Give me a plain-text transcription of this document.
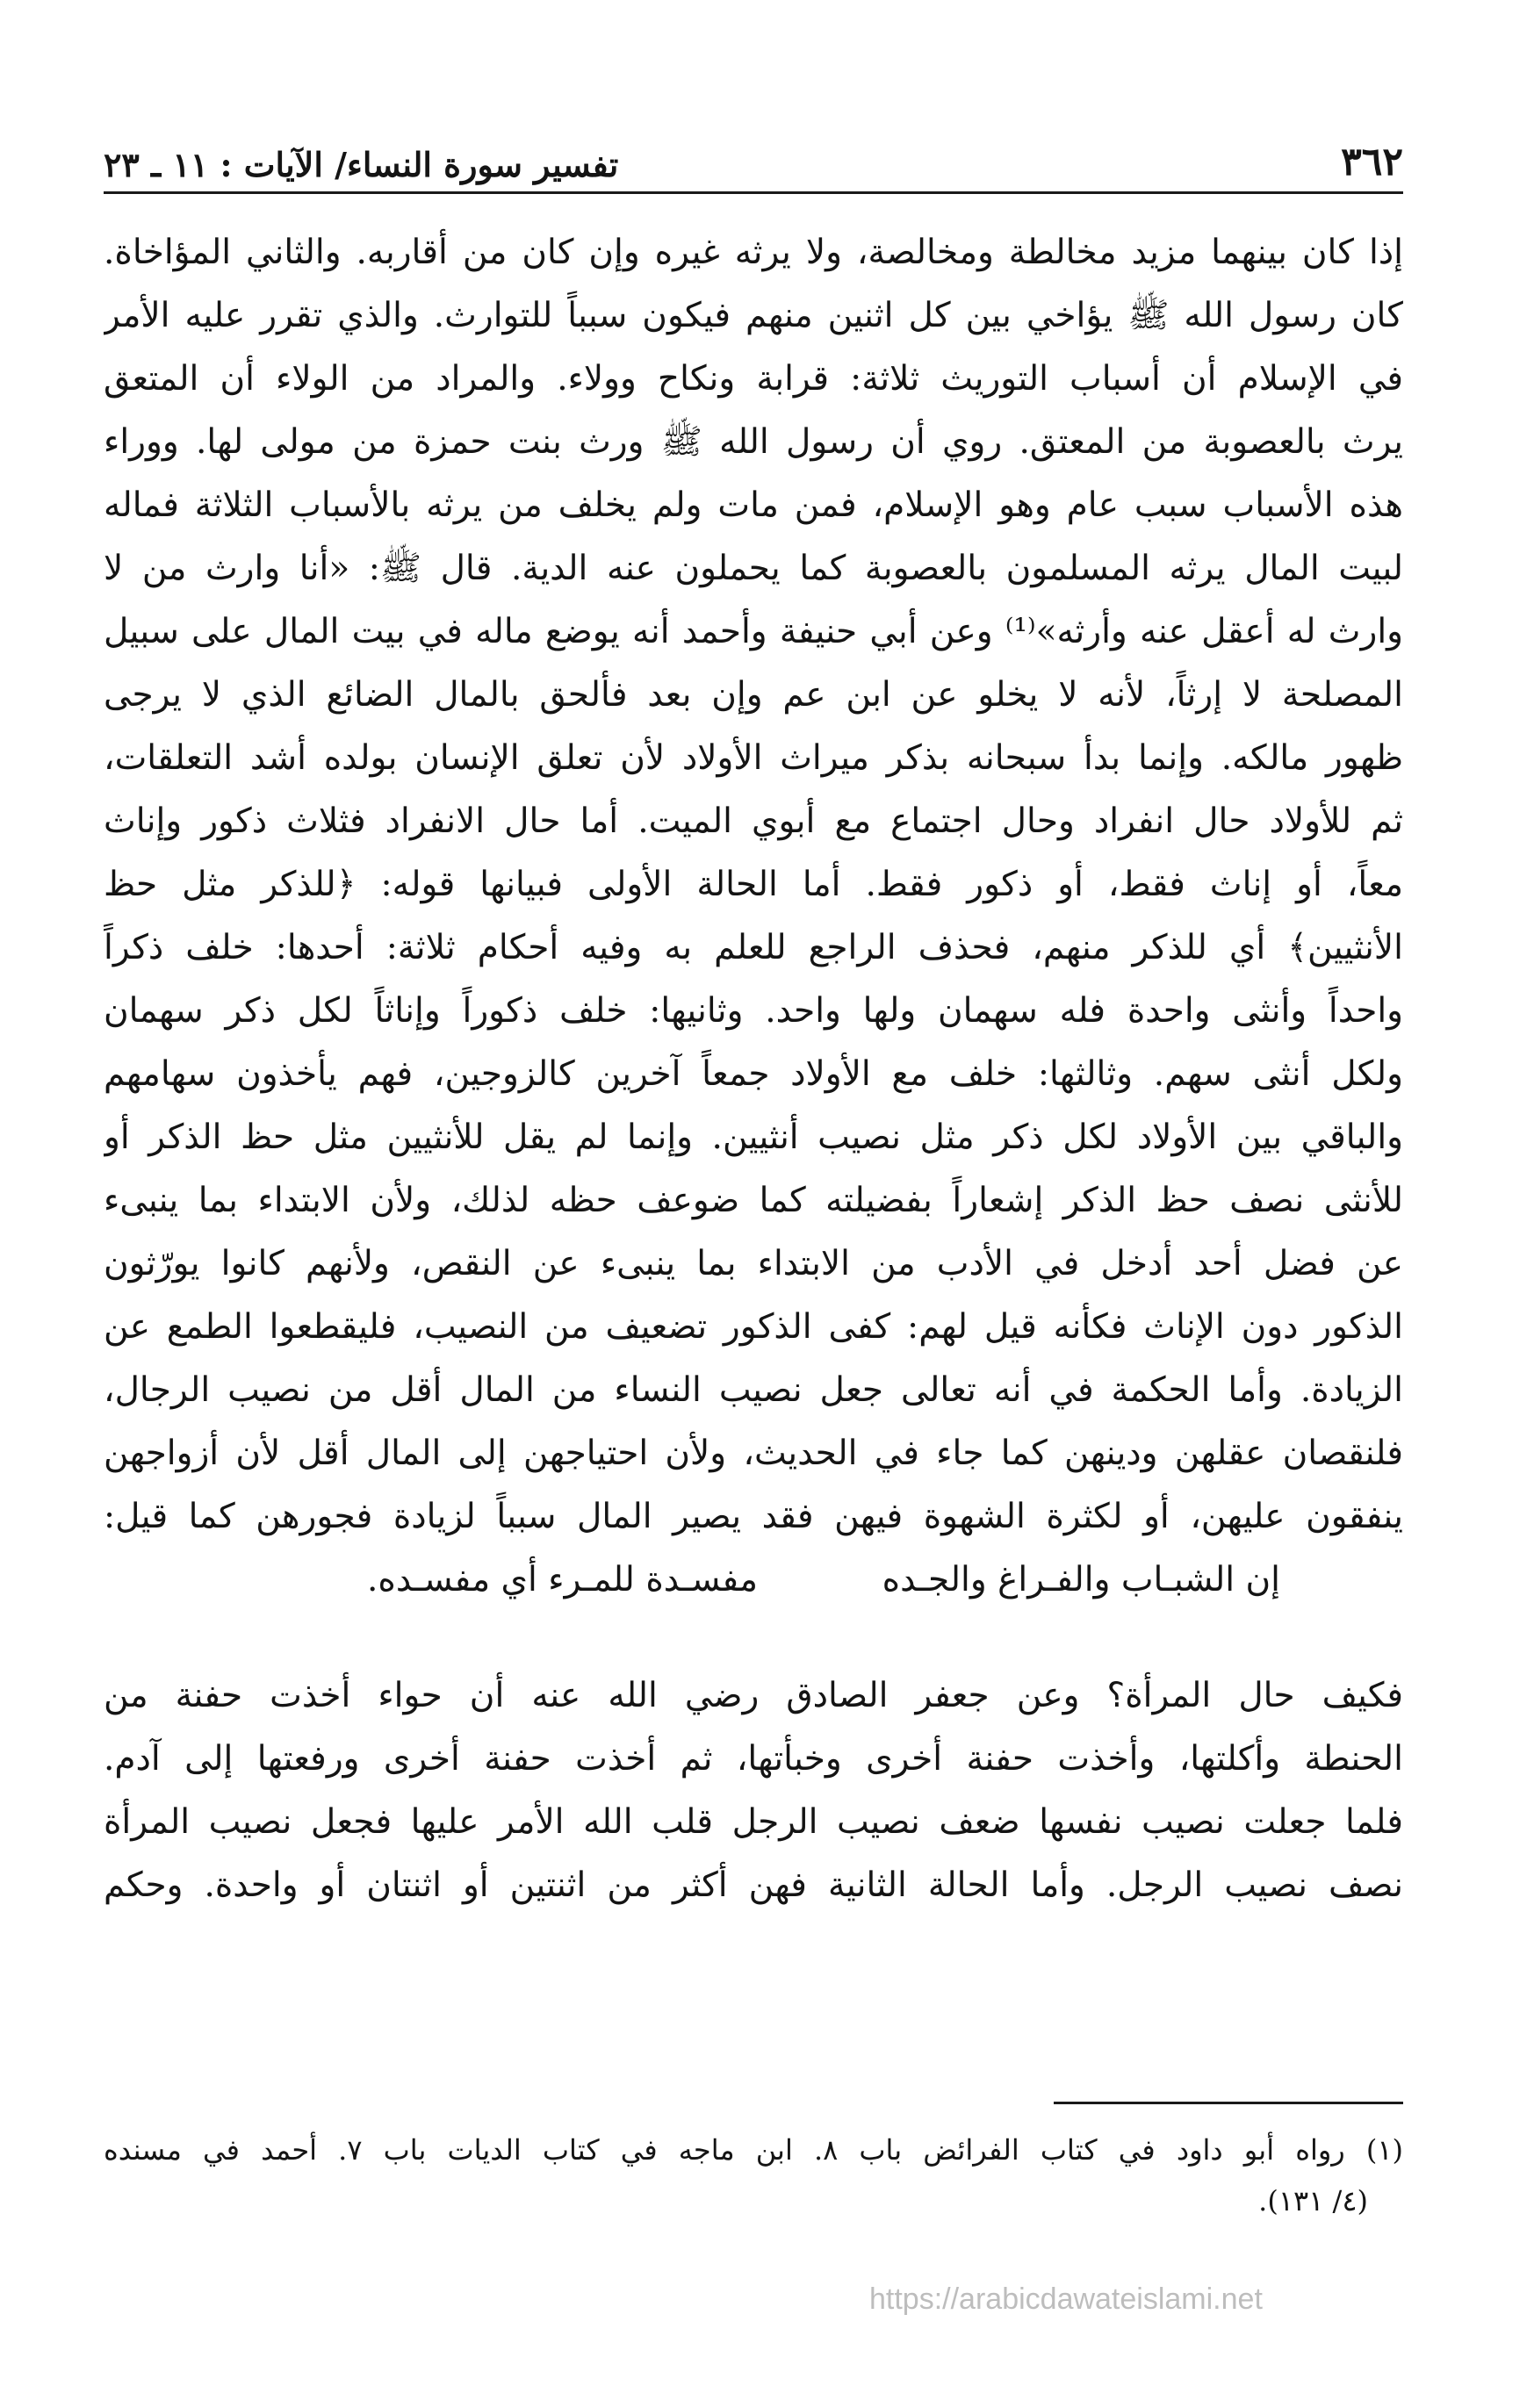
٣٦٢
تفسير سورة النساء/ الآيات : ١١ ـ ٢٣
إذا كان بينهما مزيد مخالطة ومخالصة، ولا يرثه غيره وإن كان من أقاربه. والثاني المؤاخاة.
كان رسول الله ﷺ يؤاخي بين كل اثنين منهم فيكون سبباً للتوارث. والذي تقرر عليه الأمر
في الإسلام أن أسباب التوريث ثلاثة: قرابة ونكاح وولاء. والمراد من الولاء أن المتعق
يرث بالعصوبة من المعتق. روي أن رسول الله ﷺ ورث بنت حمزة من مولى لها. ووراء
هذه الأسباب سبب عام وهو الإسلام، فمن مات ولم يخلف من يرثه بالأسباب الثلاثة فماله
لبيت المال يرثه المسلمون بالعصوبة كما يحملون عنه الدية. قال ﷺ: «أنا وارث من لا
وارث له أعقل عنه وأرثه»⁽¹⁾ وعن أبي حنيفة وأحمد أنه يوضع ماله في بيت المال على سبيل
المصلحة لا إرثاً، لأنه لا يخلو عن ابن عم وإن بعد فألحق بالمال الضائع الذي لا يرجى
ظهور مالكه. وإنما بدأ سبحانه بذكر ميراث الأولاد لأن تعلق الإنسان بولده أشد التعلقات،
ثم للأولاد حال انفراد وحال اجتماع مع أبوي الميت. أما حال الانفراد فثلاث ذكور وإناث
معاً، أو إناث فقط، أو ذكور فقط. أما الحالة الأولى فبيانها قوله: ﴿للذكر مثل حظ
الأنثيين﴾ أي للذكر منهم، فحذف الراجع للعلم به وفيه أحكام ثلاثة: أحدها: خلف ذكراً
واحداً وأنثى واحدة فله سهمان ولها واحد. وثانيها: خلف ذكوراً وإناثاً لكل ذكر سهمان
ولكل أنثى سهم. وثالثها: خلف مع الأولاد جمعاً آخرين كالزوجين، فهم يأخذون سهامهم
والباقي بين الأولاد لكل ذكر مثل نصيب أنثيين. وإنما لم يقل للأنثيين مثل حظ الذكر أو
للأنثى نصف حظ الذكر إشعاراً بفضيلته كما ضوعف حظه لذلك، ولأن الابتداء بما ينبىء
عن فضل أحد أدخل في الأدب من الابتداء بما ينبىء عن النقص، ولأنهم كانوا يورّثون
الذكور دون الإناث فكأنه قيل لهم: كفى الذكور تضعيف من النصيب، فليقطعوا الطمع عن
الزيادة. وأما الحكمة في أنه تعالى جعل نصيب النساء من المال أقل من نصيب الرجال،
فلنقصان عقلهن ودينهن كما جاء في الحديث، ولأن احتياجهن إلى المال أقل لأن أزواجهن
ينفقون عليهن، أو لكثرة الشهوة فيهن فقد يصير المال سبباً لزيادة فجورهن كما قيل:
إن الشبـاب والفـراغ والجـده
مفسـدة للمـرء أي مفسـده.
فكيف حال المرأة؟ وعن جعفر الصادق رضي الله عنه أن حواء أخذت حفنة من
الحنطة وأكلتها، وأخذت حفنة أخرى وخبأتها، ثم أخذت حفنة أخرى ورفعتها إلى آدم.
فلما جعلت نصيب نفسها ضعف نصيب الرجل قلب الله الأمر عليها فجعل نصيب المرأة
نصف نصيب الرجل. وأما الحالة الثانية فهن أكثر من اثنتين أو اثنتان أو واحدة. وحكم
(١) رواه أبو داود في كتاب الفرائض باب ٨. ابن ماجه في كتاب الديات باب ٧. أحمد في مسنده
(٤/ ١٣١).
https://arabicdawateislami.net
